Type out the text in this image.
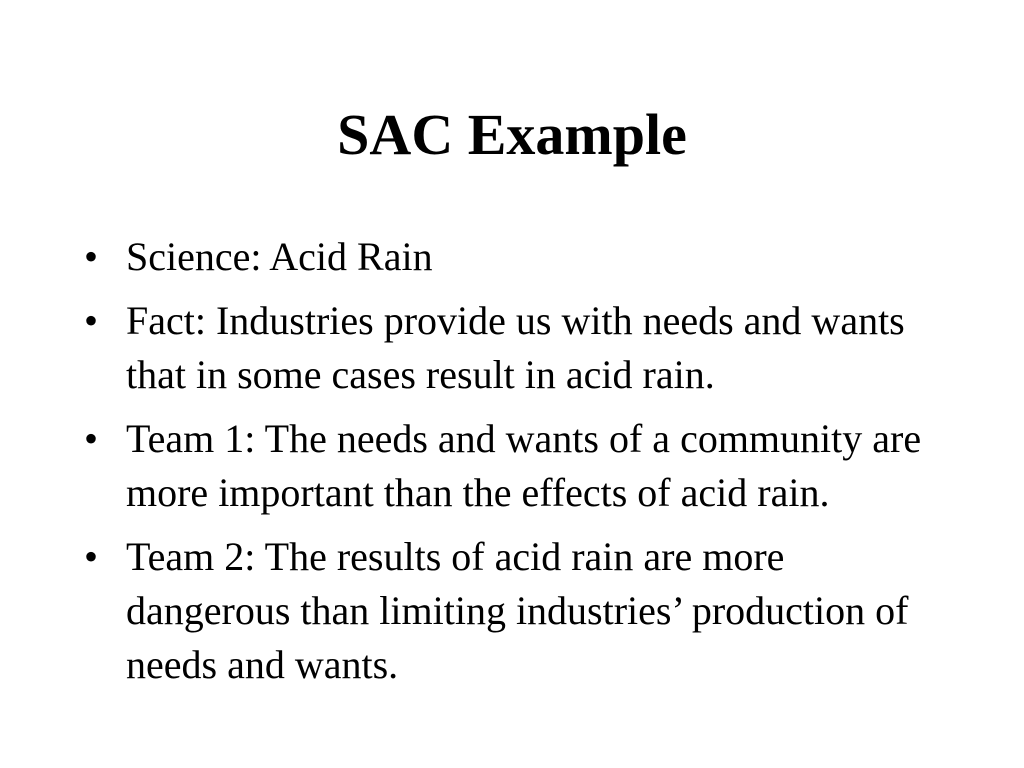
SAC Example
• Science: Acid Rain
• Fact: Industries provide us with needs and wants that in some cases result in acid rain.
• Team 1: The needs and wants of a community are more important than the effects of acid rain.
• Team 2: The results of acid rain are more dangerous than limiting industries’ production of needs and wants.
